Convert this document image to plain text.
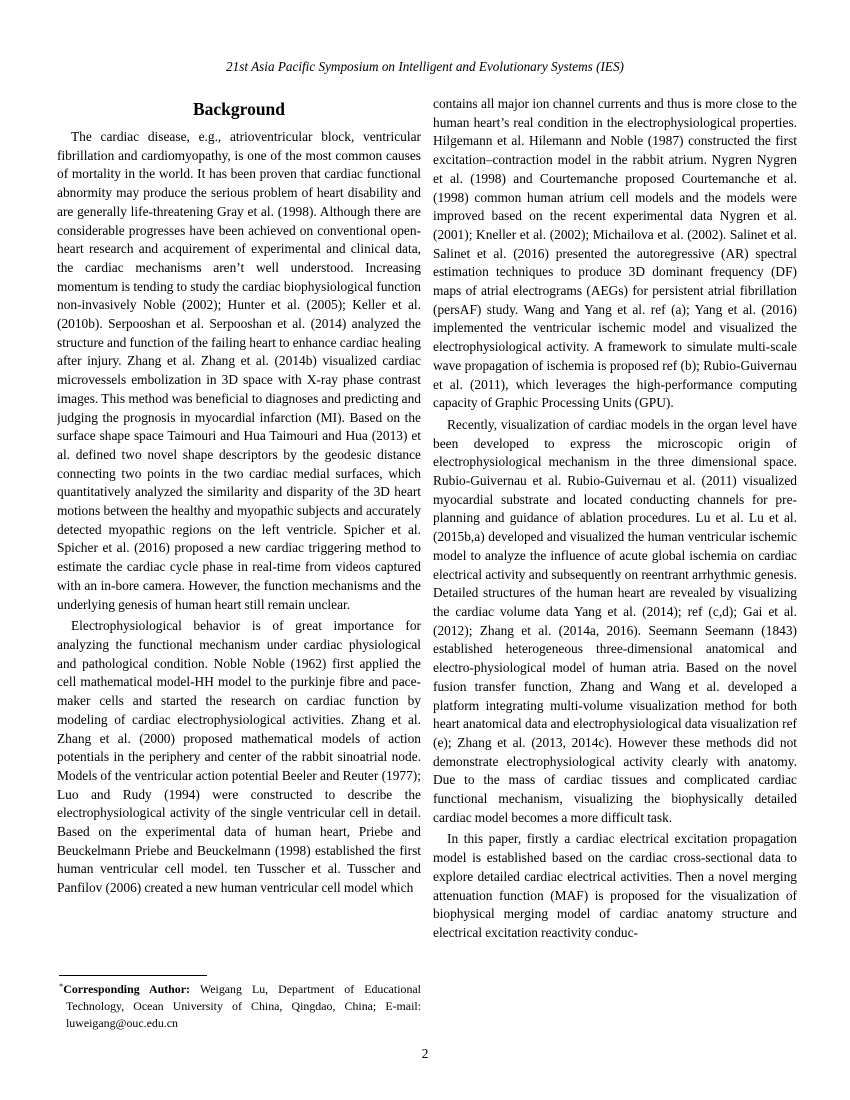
21st Asia Pacific Symposium on Intelligent and Evolutionary Systems (IES)
Background

The cardiac disease, e.g., atrioventricular block, ventricular fibrillation and cardiomyopathy, is one of the most common causes of mortality in the world. It has been proven that cardiac functional abnormity may produce the serious problem of heart disability and are generally life-threatening Gray et al. (1998). Although there are considerable progresses have been achieved on conventional open-heart research and acquirement of experimental and clinical data, the cardiac mechanisms aren’t well understood. Increasing momentum is tending to study the cardiac biophysiological function non-invasively Noble (2002); Hunter et al. (2005); Keller et al. (2010b). Serpooshan et al. Serpooshan et al. (2014) analyzed the structure and function of the failing heart to enhance cardiac healing after injury. Zhang et al. Zhang et al. (2014b) visualized cardiac microvessels embolization in 3D space with X-ray phase contrast images. This method was beneficial to diagnoses and predicting and judging the prognosis in myocardial infarction (MI). Based on the surface shape space Taimouri and Hua Taimouri and Hua (2013) et al. defined two novel shape descriptors by the geodesic distance connecting two points in the two cardiac medial surfaces, which quantitatively analyzed the similarity and disparity of the 3D heart motions between the healthy and myopathic subjects and accurately detected myopathic regions on the left ventricle. Spicher et al. Spicher et al. (2016) proposed a new cardiac triggering method to estimate the cardiac cycle phase in real-time from videos captured with an in-bore camera. However, the function mechanisms and the underlying genesis of human heart still remain unclear.

Electrophysiological behavior is of great importance for analyzing the functional mechanism under cardiac physiological and pathological condition. Noble Noble (1962) first applied the cell mathematical model-HH model to the purkinje fibre and pace-maker cells and started the research on cardiac function by modeling of cardiac electrophysiological activities. Zhang et al. Zhang et al. (2000) proposed mathematical models of action potentials in the periphery and center of the rabbit sinoatrial node. Models of the ventricular action potential Beeler and Reuter (1977); Luo and Rudy (1994) were constructed to describe the electrophysiological activity of the single ventricular cell in detail. Based on the experimental data of human heart, Priebe and Beuckelmann Priebe and Beuckelmann (1998) established the first human ventricular cell model. ten Tusscher et al. Tusscher and Panfilov (2006) created a new human ventricular cell model which

contains all major ion channel currents and thus is more close to the human heart’s real condition in the electrophysiological properties. Hilgemann et al. Hilemann and Noble (1987) constructed the first excitation–contraction model in the rabbit atrium. Nygren Nygren et al. (1998) and Courtemanche proposed Courtemanche et al. (1998) common human atrium cell models and the models were improved based on the recent experimental data Nygren et al. (2001); Kneller et al. (2002); Michailova et al. (2002). Salinet et al. Salinet et al. (2016) presented the autoregressive (AR) spectral estimation techniques to produce 3D dominant frequency (DF) maps of atrial electrograms (AEGs) for persistent atrial fibrillation (persAF) study. Wang and Yang et al. ref (a); Yang et al. (2016) implemented the ventricular ischemic model and visualized the electrophysiological activity. A framework to simulate multi-scale wave propagation of ischemia is proposed ref (b); Rubio-Guivernau et al. (2011), which leverages the high-performance computing capacity of Graphic Processing Units (GPU).

Recently, visualization of cardiac models in the organ level have been developed to express the microscopic origin of electrophysiological mechanism in the three dimensional space. Rubio-Guivernau et al. Rubio-Guivernau et al. (2011) visualized myocardial substrate and located conducting channels for pre-planning and guidance of ablation procedures. Lu et al. Lu et al. (2015b,a) developed and visualized the human ventricular ischemic model to analyze the influence of acute global ischemia on cardiac electrical activity and subsequently on reentrant arrhythmic genesis. Detailed structures of the human heart are revealed by visualizing the cardiac volume data Yang et al. (2014); ref (c,d); Gai et al. (2012); Zhang et al. (2014a, 2016). Seemann Seemann (1843) established heterogeneous three-dimensional anatomical and electro-physiological model of human atria. Based on the novel fusion transfer function, Zhang and Wang et al. developed a platform integrating multi-volume visualization method for both heart anatomical data and electrophysiological data visualization ref (e); Zhang et al. (2013, 2014c). However these methods did not demonstrate electrophysiological activity clearly with anatomy. Due to the mass of cardiac tissues and complicated cardiac functional mechanism, visualizing the biophysically detailed cardiac model becomes a more difficult task.

In this paper, firstly a cardiac electrical excitation propagation model is established based on the cardiac cross-sectional data to explore detailed cardiac electrical activities. Then a novel merging attenuation function (MAF) is proposed for the visualization of biophysical merging model of cardiac anatomy structure and electrical excitation reactivity conduc-

*Corresponding Author: Weigang Lu, Department of Educational Technology, Ocean University of China, Qingdao, China; E-mail: luweigang@ouc.edu.cn

2
